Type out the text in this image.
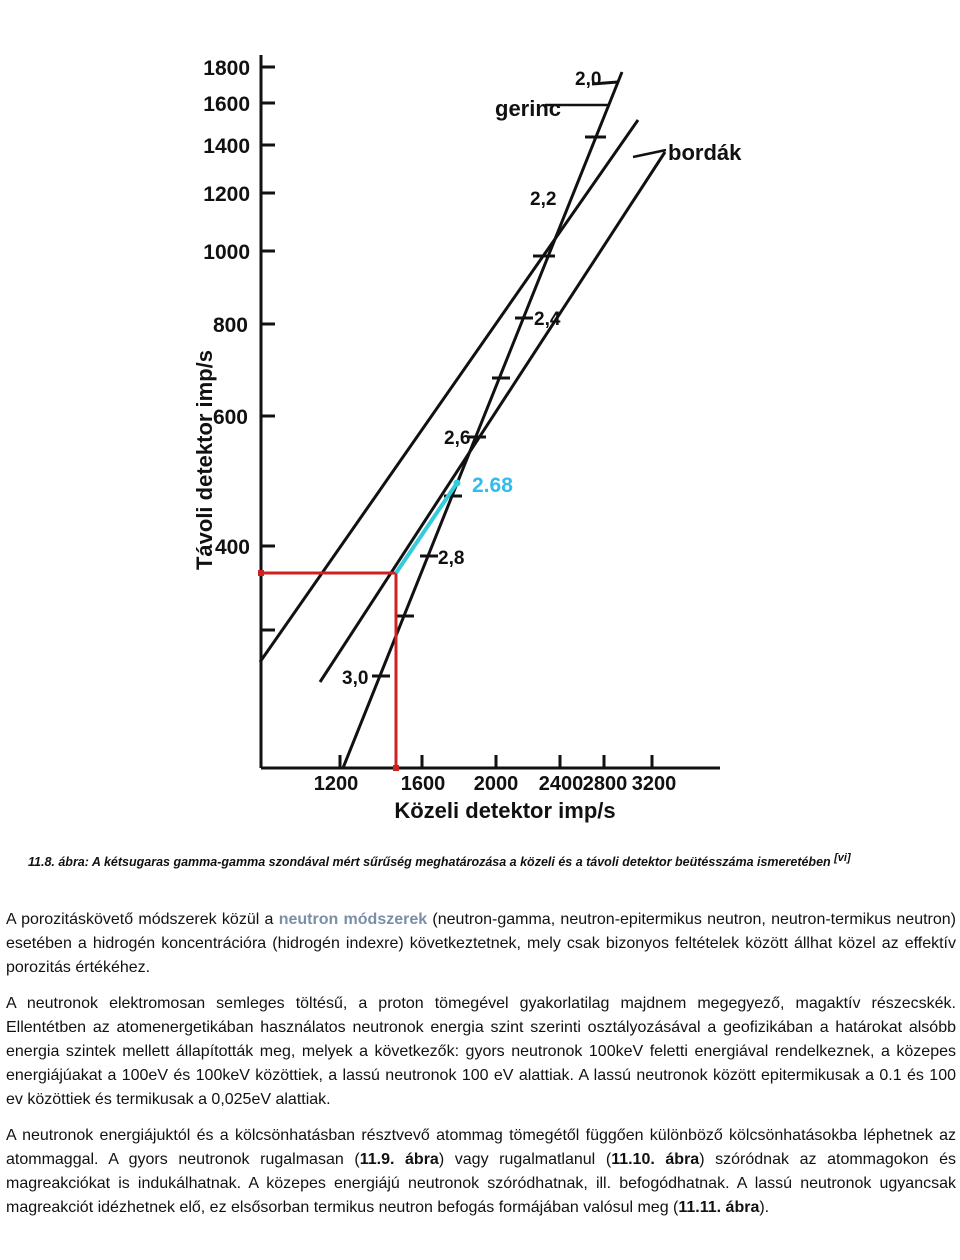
1800
1600
1400
1200
1000
800
600
400
1200 1600 2000 2400 2800 3200
Távoli detektor imp/s
Közeli detektor imp/s
2,0
2,2
2,4
2,6
2,8
3,0
gerinc
bordák
2.68
11.8. ábra: A kétsugaras gamma-gamma szondával mért sűrűség meghatározása a közeli és a távoli detektor beütésszáma ismeretében [vi]

A porozitáskövető módszerek közül a neutron módszerek (neutron-gamma, neutron-epitermikus neutron, neutron-termikus neutron) esetében a hidrogén koncentrációra (hidrogén indexre) következtetnek, mely csak bizonyos feltételek között állhat közel az effektív porozitás értékéhez.

A neutronok elektromosan semleges töltésű, a proton tömegével gyakorlatilag majdnem megegyező, magaktív részecskék. Ellentétben az atomenergetikában használatos neutronok energia szint szerinti osztályozásával a geofizikában a határokat alsóbb energia szintek mellett állapították meg, melyek a következők: gyors neutronok 100keV feletti energiával rendelkeznek, a közepes energiájúakat a 100eV és 100keV közöttiek, a lassú neutronok 100 eV alattiak. A lassú neutronok között epitermikusak a 0.1 és 100 ev közöttiek és termikusak a 0,025eV alattiak.

A neutronok energiájuktól és a kölcsönhatásban résztvevő atommag tömegétől függően különböző kölcsönhatásokba léphetnek az atommaggal. A gyors neutronok rugalmasan (11.9. ábra) vagy rugalmatlanul (11.10. ábra) szóródnak az atommagokon és magreakciókat is indukálhatnak. A közepes energiájú neutronok szóródhatnak, ill. befogódhatnak. A lassú neutronok ugyancsak magreakciót idézhetnek elő, ez elsősorban termikus neutron befogás formájában valósul meg (11.11. ábra).
